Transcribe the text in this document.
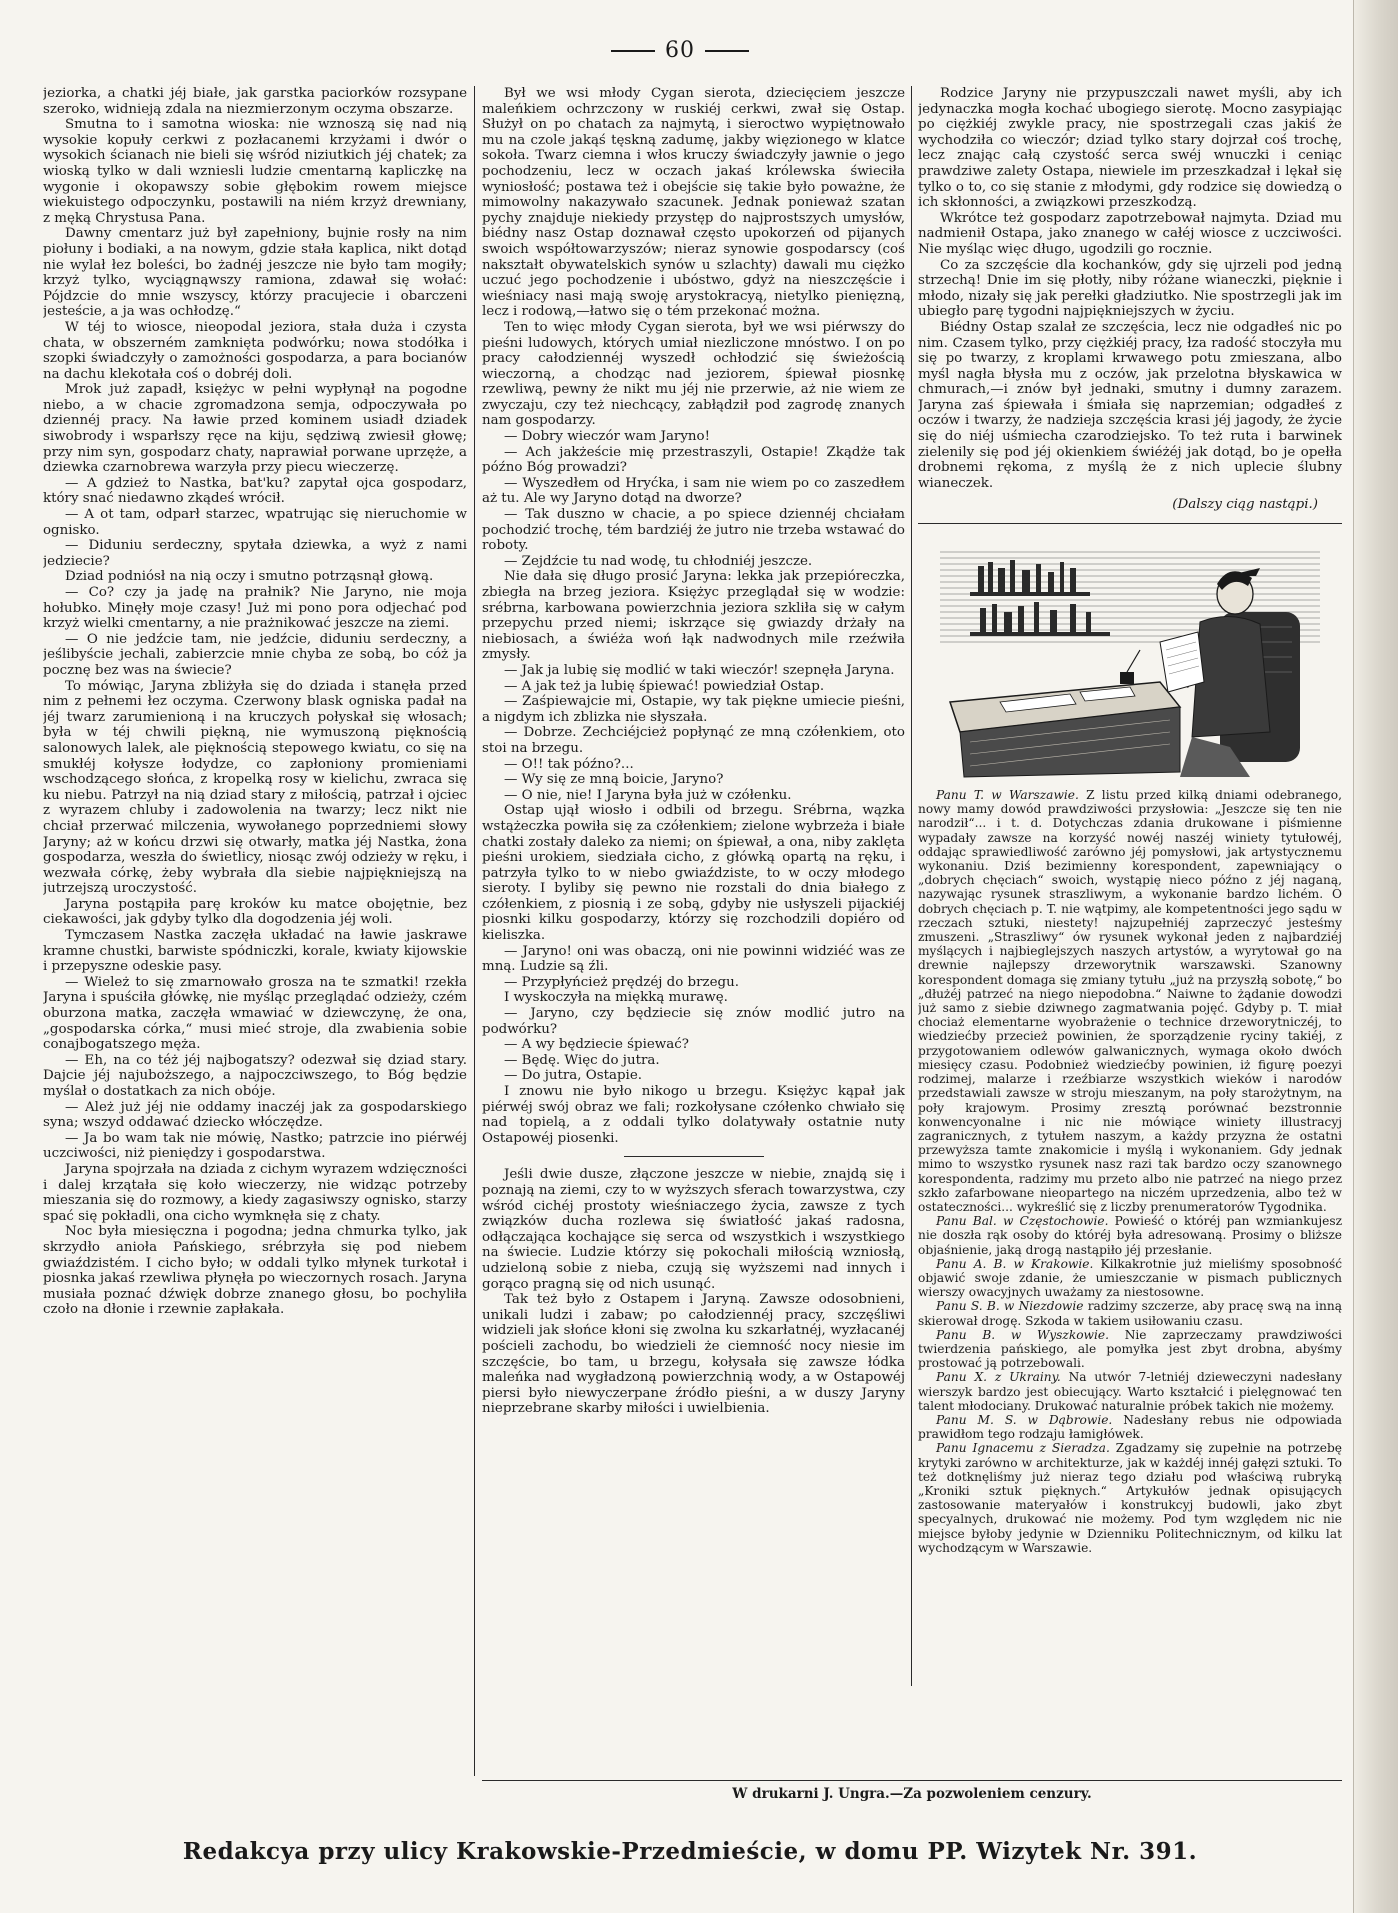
60

jeziorka, a chatki jéj białe, jak garstka paciorków rozsypane szeroko, widnieją zdala na niezmierzonym oczyma obszarze.

Smutna to i samotna wioska: nie wznoszą się nad nią wysokie kopuły cerkwi z pozłacanemi krzyżami i dwór o wysokich ścianach nie bieli się wśród niziutkich jéj chatek; za wioską tylko w dali wzniesli ludzie cmentarną kapliczkę na wygonie i okopawszy sobie głębokim rowem miejsce wiekuistego odpoczynku, postawili na niém krzyż drewniany, z męką Chrystusa Pana.

Dawny cmentarz już był zapełniony, bujnie rosły na nim piołuny i bodiaki, a na nowym, gdzie stała kaplica, nikt dotąd nie wylał łez boleści, bo żadnéj jeszcze nie było tam mogiły; krzyż tylko, wyciągnąwszy ramiona, zdawał się wołać: Pójdzcie do mnie wszyscy, którzy pracujecie i obarczeni jesteście, a ja was ochłodzę.“

W téj to wiosce, nieopodal jeziora, stała duża i czysta chata, w obszerném zamknięta podwórku; nowa stodółka i szopki świadczyły o zamożności gospodarza, a para bocianów na dachu klekotała coś o dobréj doli.

Mrok już zapadł, księżyc w pełni wypłynął na pogodne niebo, a w chacie zgromadzona semja, odpoczywała po dziennéj pracy. Na ławie przed kominem usiadł dziadek siwobrody i wsparłszy ręce na kiju, sędziwą zwiesił głowę; przy nim syn, gospodarz chaty, naprawiał porwane uprzęże, a dziewka czarnobrewa warzyła przy piecu wieczerzę.

— A gdzież to Nastka, bat'ku? zapytał ojca gospodarz, który snać niedawno zkądeś wrócił.

— A ot tam, odparł starzec, wpatrując się nieruchomie w ognisko.

— Diduniu serdeczny, spytała dziewka, a wyż z nami jedziecie?

Dziad podniósł na nią oczy i smutno potrząsnął głową.

— Co? czy ja jadę na prałnik? Nie Jaryno, nie moja hołubko. Minęły moje czasy! Już mi pono pora odjechać pod krzyż wielki cmentarny, a nie prażnikować jeszcze na ziemi.

— O nie jedźcie tam, nie jedźcie, diduniu serdeczny, a jeślibyście jechali, zabierzcie mnie chyba ze sobą, bo cóż ja pocznę bez was na świecie?

To mówiąc, Jaryna zbliżyła się do dziada i stanęła przed nim z pełnemi łez oczyma. Czerwony blask ogniska padał na jéj twarz zarumienioną i na kruczych połyskał się włosach; była w téj chwili piękną, nie wymuszoną pięknością salonowych lalek, ale pięknością stepowego kwiatu, co się na smukłéj kołysze łodydze, co zapłoniony promieniami wschodzącego słońca, z kropelką rosy w kielichu, zwraca się ku niebu. Patrzył na nią dziad stary z miłością, patrzał i ojciec z wyrazem chluby i zadowolenia na twarzy; lecz nikt nie chciał przerwać milczenia, wywołanego poprzedniemi słowy Jaryny; aż w końcu drzwi się otwarły, matka jéj Nastka, żona gospodarza, weszła do świetlicy, niosąc zwój odzieży w ręku, i wezwała córkę, żeby wybrała dla siebie najpiękniejszą na jutrzejszą uroczystość.

Jaryna postąpiła parę kroków ku matce obojętnie, bez ciekawości, jak gdyby tylko dla dogodzenia jéj woli.

Tymczasem Nastka zaczęła układać na ławie jaskrawe kramne chustki, barwiste spódniczki, korale, kwiaty kijowskie i przepyszne odeskie pasy.

— Wieleż to się zmarnowało grosza na te szmatki! rzekła Jaryna i spuściła główkę, nie myśląc przeglądać odzieży, czém oburzona matka, zaczęła wmawiać w dziewczynę, że ona, „gospodarska córka,“ musi mieć stroje, dla zwabienia sobie conajbogatszego męża.

— Eh, na co téż jéj najbogatszy? odezwał się dziad stary. Dajcie jéj najuboższego, a najpoczciwszego, to Bóg będzie myślał o dostatkach za nich obóje.

— Ależ już jéj nie oddamy inaczéj jak za gospodarskiego syna; wszyd oddawać dziecko włóczędze.

— Ja bo wam tak nie mówię, Nastko; patrzcie ino piérwéj uczciwości, niż pieniędzy i gospodarstwa.

Jaryna spojrzała na dziada z cichym wyrazem wdzięczności i dalej krzątała się koło wieczerzy, nie widząc potrzeby mieszania się do rozmowy, a kiedy zagasiwszy ognisko, starzy spać się pokładli, ona cicho wymknęła się z chaty.

Noc była miesięczna i pogodna; jedna chmurka tylko, jak skrzydło anioła Pańskiego, srébrzyła się pod niebem gwiaździstém. I cicho było; w oddali tylko młynek turkotał i piosnka jakaś rzewliwa płynęła po wieczornych rosach. Jaryna musiała poznać dźwięk dobrze znanego głosu, bo pochyliła czoło na dłonie i rzewnie zapłakała.

Był we wsi młody Cygan sierota, dziecięciem jeszcze maleńkiem ochrzczony w ruskiéj cerkwi, zwał się Ostap. Służył on po chatach za najmytą, i sieroctwo wypiętnowało mu na czole jakąś tęskną zadumę, jakby więzionego w klatce sokoła. Twarz ciemna i włos kruczy świadczyły jawnie o jego pochodzeniu, lecz w oczach jakaś królewska świeciła wyniosłość; postawa też i obejście się takie było poważne, że mimowolny nakazywało szacunek. Jednak ponieważ szatan pychy znajduje niekiedy przystęp do najprostszych umysłów, biédny nasz Ostap doznawał często upokorzeń od pijanych swoich współtowarzyszów; nieraz synowie gospodarscy (coś nakształt obywatelskich synów u szlachty) dawali mu ciężko uczuć jego pochodzenie i ubóstwo, gdyż na nieszczęście i wieśniacy nasi mają swoję arystokracyą, nietylko pienięzną, lecz i rodową,—łatwo się o tém przekonać można.

Ten to więc młody Cygan sierota, był we wsi piérwszy do pieśni ludowych, których umiał niezliczone mnóstwo. I on po pracy całodziennéj wyszedł ochłodzić się świeżością wieczorną, a chodząc nad jeziorem, śpiewał piosnkę rzewliwą, pewny że nikt mu jéj nie przerwie, aż nie wiem ze zwyczaju, czy też niechcący, zabłądził pod zagrodę znanych nam gospodarzy.

— Dobry wieczór wam Jaryno!

— Ach jakżeście mię przestraszyli, Ostapie! Zkądże tak późno Bóg prowadzi?

— Wyszedłem od Hryćka, i sam nie wiem po co zaszedłem aż tu. Ale wy Jaryno dotąd na dworze?

— Tak duszno w chacie, a po spiece dziennéj chciałam pochodzić trochę, tém bardziéj że jutro nie trzeba wstawać do roboty.

— Zejdźcie tu nad wodę, tu chłodniéj jeszcze.

Nie dała się długo prosić Jaryna: lekka jak przepióreczka, zbiegła na brzeg jeziora. Księżyc przeglądał się w wodzie: srébrna, karbowana powierzchnia jeziora szkliła się w całym przepychu przed niemi; iskrzące się gwiazdy drżały na niebiosach, a świéża woń łąk nadwodnych mile rzeźwiła zmysły.

— Jak ja lubię się modlić w taki wieczór! szepnęła Jaryna.

— A jak też ja lubię śpiewać! powiedział Ostap.

— Zaśpiewajcie mi, Ostapie, wy tak piękne umiecie pieśni, a nigdym ich zblizka nie słyszała.

— Dobrze. Zechciéjcież popłynąć ze mną czółenkiem, oto stoi na brzegu.

— O!! tak późno?...

— Wy się ze mną boicie, Jaryno?

— O nie, nie! I Jaryna była już w czółenku.

Ostap ujął wiosło i odbili od brzegu. Srébrna, wązka wstążeczka powiła się za czółenkiem; zielone wybrzeża i białe chatki zostały daleko za niemi; on śpiewał, a ona, niby zaklęta pieśni urokiem, siedziała cicho, z główką opartą na ręku, i patrzyła tylko to w niebo gwiaździste, to w oczy młodego sieroty. I byliby się pewno nie rozstali do dnia białego z czółenkiem, z piosnią i ze sobą, gdyby nie usłyszeli pijackiéj piosnki kilku gospodarzy, którzy się rozchodzili dopiéro od kieliszka.

— Jaryno! oni was obaczą, oni nie powinni widziéć was ze mną. Ludzie są źli.

— Przypłyńcież prędzéj do brzegu.

I wyskoczyła na miękką murawę.

— Jaryno, czy będziecie się znów modlić jutro na podwórku?

— A wy będziecie śpiewać?

— Będę. Więc do jutra.

— Do jutra, Ostapie.

I znowu nie było nikogo u brzegu. Księżyc kąpał jak piérwéj swój obraz we fali; rozkołysane czółenko chwiało się nad topielą, a z oddali tylko dolatywały ostatnie nuty Ostapowéj piosenki.

Jeśli dwie dusze, złączone jeszcze w niebie, znajdą się i poznają na ziemi, czy to w wyższych sferach towarzystwa, czy wśród cichéj prostoty wieśniaczego życia, zawsze z tych związków ducha rozlewa się światłość jakaś radosna, odłączająca kochające się serca od wszystkich i wszystkiego na świecie. Ludzie którzy się pokochali miłością wzniosłą, udzieloną sobie z nieba, czują się wyższemi nad innych i gorąco pragną się od nich usunąć.

Tak też było z Ostapem i Jaryną. Zawsze odosobnieni, unikali ludzi i zabaw; po całodziennéj pracy, szczęśliwi widzieli jak słońce kłoni się zwolna ku szkarłatnéj, wyzłacanéj pościeli zachodu, bo wiedzieli że ciemność nocy niesie im szczęście, bo tam, u brzegu, kołysała się zawsze łódka maleńka nad wygładzoną powierzchnią wody, a w Ostapowéj piersi było niewyczerpane źródło pieśni, a w duszy Jaryny nieprzebrane skarby miłości i uwielbienia.

Rodzice Jaryny nie przypuszczali nawet myśli, aby ich jedynaczka mogła kochać ubogiego sierotę. Mocno zasypiając po ciężkiéj zwykle pracy, nie spostrzegali czas jakiś że wychodziła co wieczór; dziad tylko stary dojrzał coś trochę, lecz znając całą czystość serca swéj wnuczki i ceniąc prawdziwe zalety Ostapa, niewiele im przeszkadzał i lękał się tylko o to, co się stanie z młodymi, gdy rodzice się dowiedzą o ich skłonności, a związkowi przeszkodzą.

Wkrótce też gospodarz zapotrzebował najmyta. Dziad mu nadmienił Ostapa, jako znanego w całéj wiosce z uczciwości. Nie myśląc więc długo, ugodzili go rocznie.

Co za szczęście dla kochanków, gdy się ujrzeli pod jedną strzechą! Dnie im się płotły, niby różane wianeczki, pięknie i młodo, nizały się jak perełki gładziutko. Nie spostrzegli jak im ubiegło parę tygodni najpiękniejszych w życiu.

Biédny Ostap szalał ze szczęścia, lecz nie odgadłeś nic po nim. Czasem tylko, przy ciężkiéj pracy, łza radość stoczyła mu się po twarzy, z kroplami krwawego potu zmieszana, albo myśl nagła błysła mu z oczów, jak przelotna błyskawica w chmurach,—i znów był jednaki, smutny i dumny zarazem. Jaryna zaś śpiewała i śmiała się naprzemian; odgadłeś z oczów i twarzy, że nadzieja szczęścia krasi jéj jagody, że życie się do niéj uśmiecha czarodziejsko. To też ruta i barwinek zielenily się pod jéj okienkiem świéżéj jak dotąd, bo je opełła drobnemi rękoma, z myślą że z nich uplecie ślubny wianeczek.

(Dalszy ciąg nastąpi.)

Panu T. w Warszawie. Z listu przed kilką dniami odebranego, nowy mamy dowód prawdziwości przysłowia: „Jeszcze się ten nie narodził“... i t. d. Dotychczas zdania drukowane i piśmienne wypadały zawsze na korzyść nowéj naszéj winiety tytułowéj, oddając sprawiedliwość zarówno jéj pomysłowi, jak artystycznemu wykonaniu. Dziś bezimienny korespondent, zapewniający o „dobrych chęciach“ swoich, wystąpię nieco późno z jéj naganą, nazywając rysunek straszliwym, a wykonanie bardzo lichém. O dobrych chęciach p. T. nie wątpimy, ale kompetentności jego sądu w rzeczach sztuki, niestety! najzupełniéj zaprzeczyć jesteśmy zmuszeni. „Straszliwy“ ów rysunek wykonał jeden z najbardziéj myślących i najbieglejszych naszych artystów, a wyrytował go na drewnie najlepszy drzeworytnik warszawski. Szanowny korespondent domaga się zmiany tytułu „już na przyszłą sobotę,“ bo „dłużéj patrzeć na niego niepodobna.“ Naiwne to żądanie dowodzi już samo z siebie dziwnego zagmatwania pojęć. Gdyby p. T. miał chociaż elementarne wyobrażenie o technice drzeworytniczéj, to wiedziećby przecież powinien, że sporządzenie ryciny takiéj, z przygotowaniem odlewów galwanicznych, wymaga około dwóch miesięcy czasu. Podobnież wiedziećby powinien, iż figurę poezyi rodzimej, malarze i rzeźbiarze wszystkich wieków i narodów przedstawiali zawsze w stroju mieszanym, na poły starożytnym, na poły krajowym. Prosimy zresztą porównać bezstronnie konwencyonalne i nic nie mówiące winiety illustracyj zagranicznych, z tytułem naszym, a każdy przyzna że ostatni przewyższa tamte znakomicie i myślą i wykonaniem. Gdy jednak mimo to wszystko rysunek nasz razi tak bardzo oczy szanownego korespondenta, radzimy mu przeto albo nie patrzeć na niego przez szkło zafarbowane nieopartego na niczém uprzedzenia, albo też w ostateczności... wykreślić się z liczby prenumeratorów Tygodnika.

Panu Bal. w Częstochowie. Powieść o któréj pan wzmiankujesz nie doszła rąk osoby do któréj była adresowaną. Prosimy o bliższe objaśnienie, jaką drogą nastąpiło jéj przesłanie.

Panu A. B. w Krakowie. Kilkakrotnie już mieliśmy sposobność objawić swoje zdanie, że umieszczanie w pismach publicznych wierszy owacyjnych uważamy za niestosowne.

Panu S. B. w Niezdowie radzimy szczerze, aby pracę swą na inną skierował drogę. Szkoda w takiem usiłowaniu czasu.

Panu B. w Wyszkowie. Nie zaprzeczamy prawdziwości twierdzenia pańskiego, ale pomyłka jest zbyt drobna, abyśmy prostować ją potrzebowali.

Panu X. z Ukrainy. Na utwór 7-letniéj dzieweczyni nadesłany wierszyk bardzo jest obiecujący. Warto kształcić i pielęgnować ten talent młodociany. Drukować naturalnie próbek takich nie możemy.

Panu M. S. w Dąbrowie. Nadesłany rebus nie odpowiada prawidłom tego rodzaju łamigłówek.

Panu Ignacemu z Sieradza. Zgadzamy się zupełnie na potrzebę krytyki zarówno w architekturze, jak w każdéj innéj gałęzi sztuki. To też dotknęliśmy już nieraz tego działu pod właściwą rubryką „Kroniki sztuk pięknych.“ Artykułów jednak opisujących zastosowanie materyałów i konstrukcyj budowli, jako zbyt specyalnych, drukować nie możemy. Pod tym względem nic nie miejsce byłoby jedynie w Dzienniku Politechnicznym, od kilku lat wychodzącym w Warszawie.

W drukarni J. Ungra.—Za pozwoleniem cenzury.
Redakcya przy ulicy Krakowskie-Przedmieście, w domu PP. Wizytek Nr. 391.
